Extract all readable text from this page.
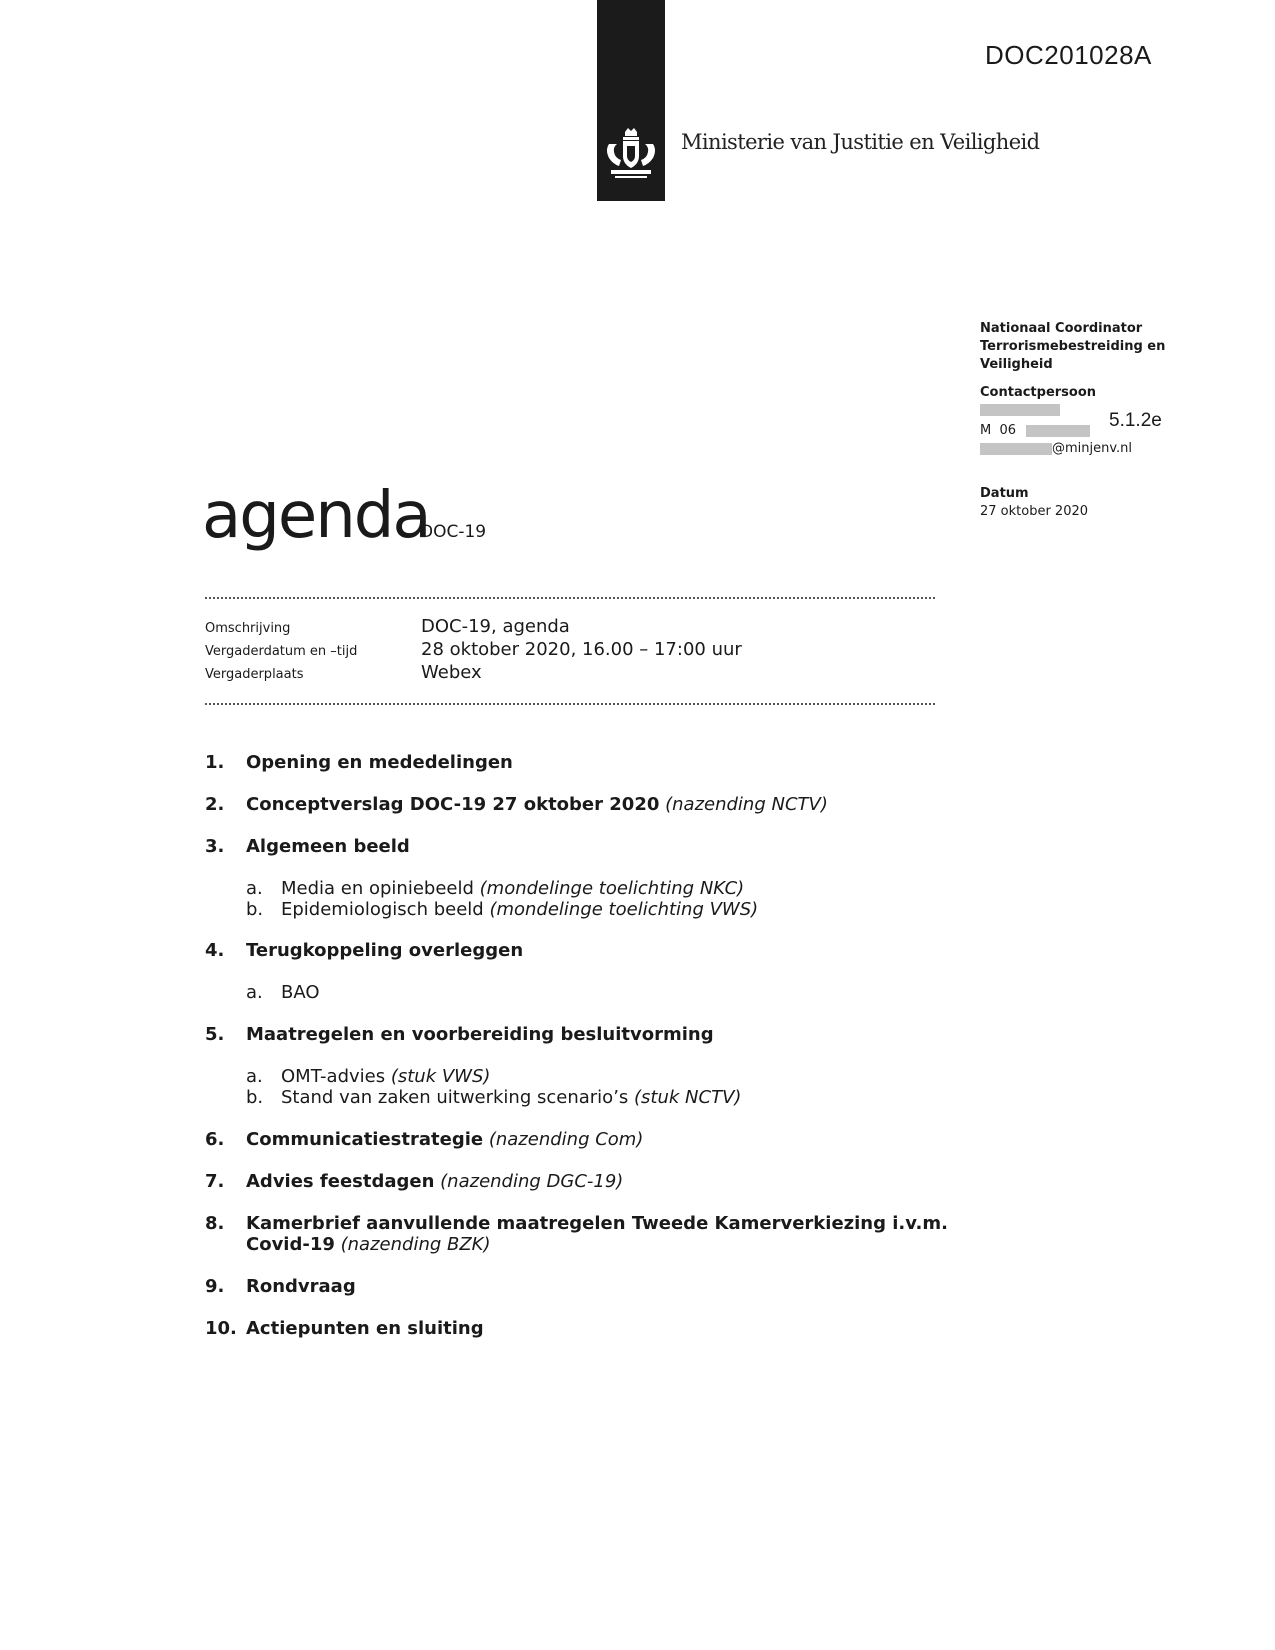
DOC201028A
Ministerie van Justitie en Veiligheid
Nationaal Coordinator
Terrorismebestreiding en
Veiligheid
Contactpersoon
M  06	5.1.2e
@minjenv.nl
Datum
27 oktober 2020
agenda
DOC-19
Omschrijving	DOC-19, agenda
Vergaderdatum en –tijd	28 oktober 2020, 16.00 – 17:00 uur
Vergaderplaats	Webex
1. Opening en mededelingen
2. Conceptverslag DOC-19 27 oktober 2020 (nazending NCTV)
3. Algemeen beeld
a. Media en opiniebeeld (mondelinge toelichting NKC)
b. Epidemiologisch beeld (mondelinge toelichting VWS)
4. Terugkoppeling overleggen
a. BAO
5. Maatregelen en voorbereiding besluitvorming
a. OMT-advies (stuk VWS)
b. Stand van zaken uitwerking scenario’s (stuk NCTV)
6. Communicatiestrategie (nazending Com)
7. Advies feestdagen (nazending DGC-19)
8. Kamerbrief aanvullende maatregelen Tweede Kamerverkiezing i.v.m. Covid-19 (nazending BZK)
9. Rondvraag
10. Actiepunten en sluiting
